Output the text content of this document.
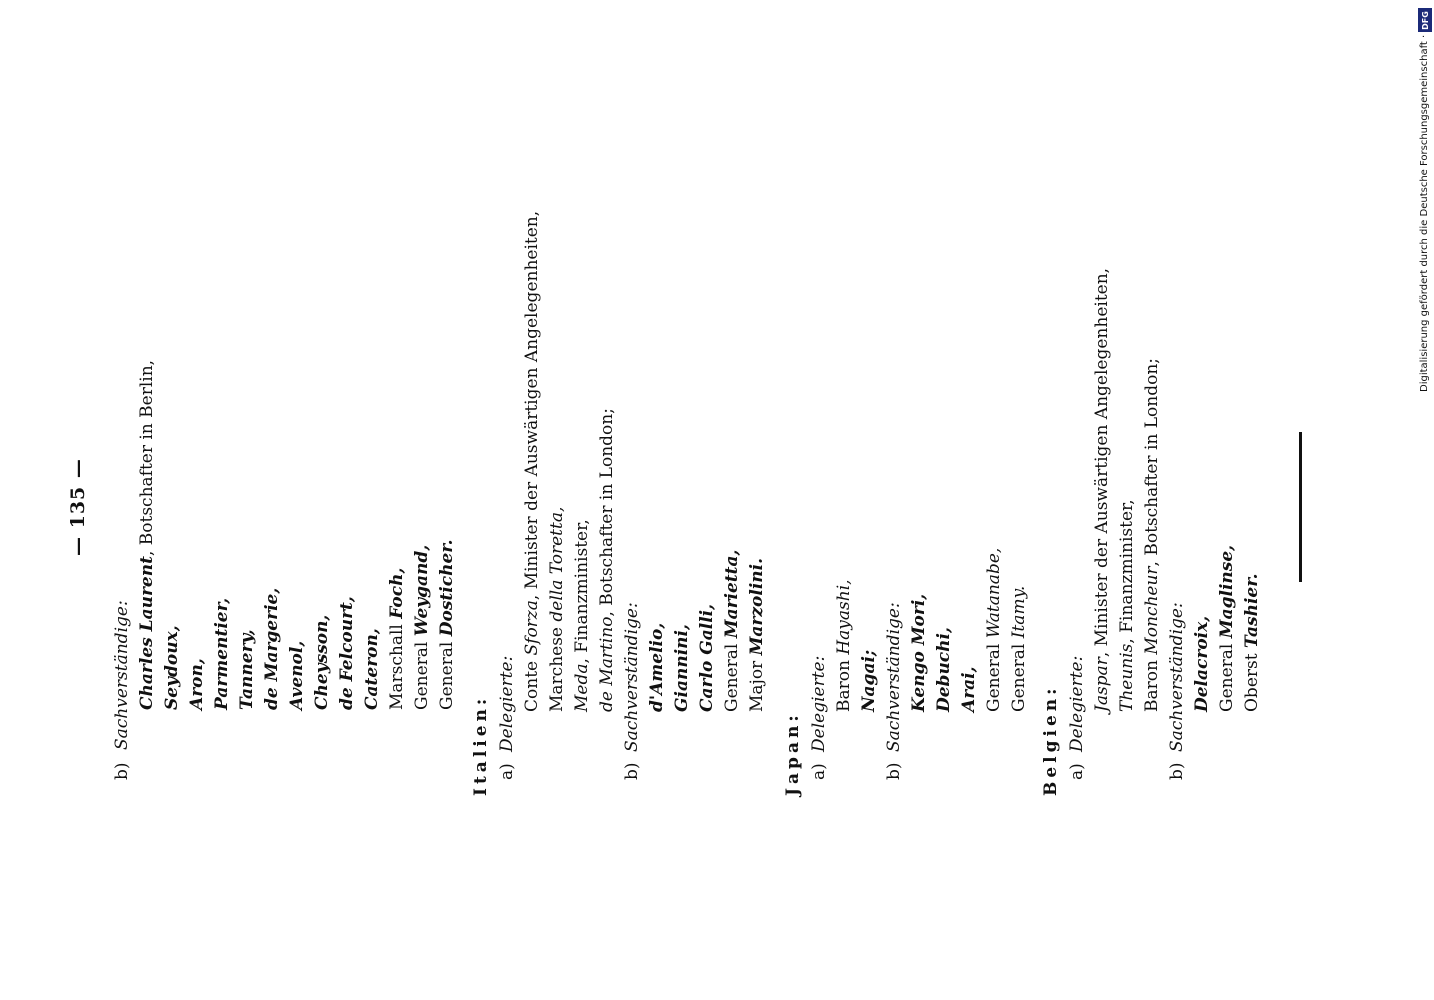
— 135 —
b)
Sachverständige: Charles Laurent, Botschafter in Berlin,
Seydoux, Aron, Parmentier, Tannery, de Margerie, Avenol, Cheysson, de Felcourt, Cateron, Marschall Foch,
General Weygand,
General Dosticher.
Italien: a)
Delegierte: Conte Sforza, Minister der Auswärtigen Angelegenheiten,
Marchese della Toretta,
Meda, Finanzminister,
de Martino, Botschafter in London;
b)
Sachverständige: d'Amelio, Giannini, Carlo Galli, General Marietta,
Major Marzolini.
Japan: a)
Delegierte: Baron Hayashi,
Nagai;
b)
Sachverständige: Kengo Mori, Debuchi, Arai, General Watanabe,
General Itamy.
Belgien: a)
Delegierte: Jaspar, Minister der Auswärtigen Angelegenheiten,
Theunis, Finanzminister,
Baron Moncheur, Botschafter in London;
b)
Sachverständige: Delacroix, General Maglinse,
Oberst Tashier.
Digitalisierung gefördert durch die Deutsche Forschungsgemeinschaft ·
DFG
